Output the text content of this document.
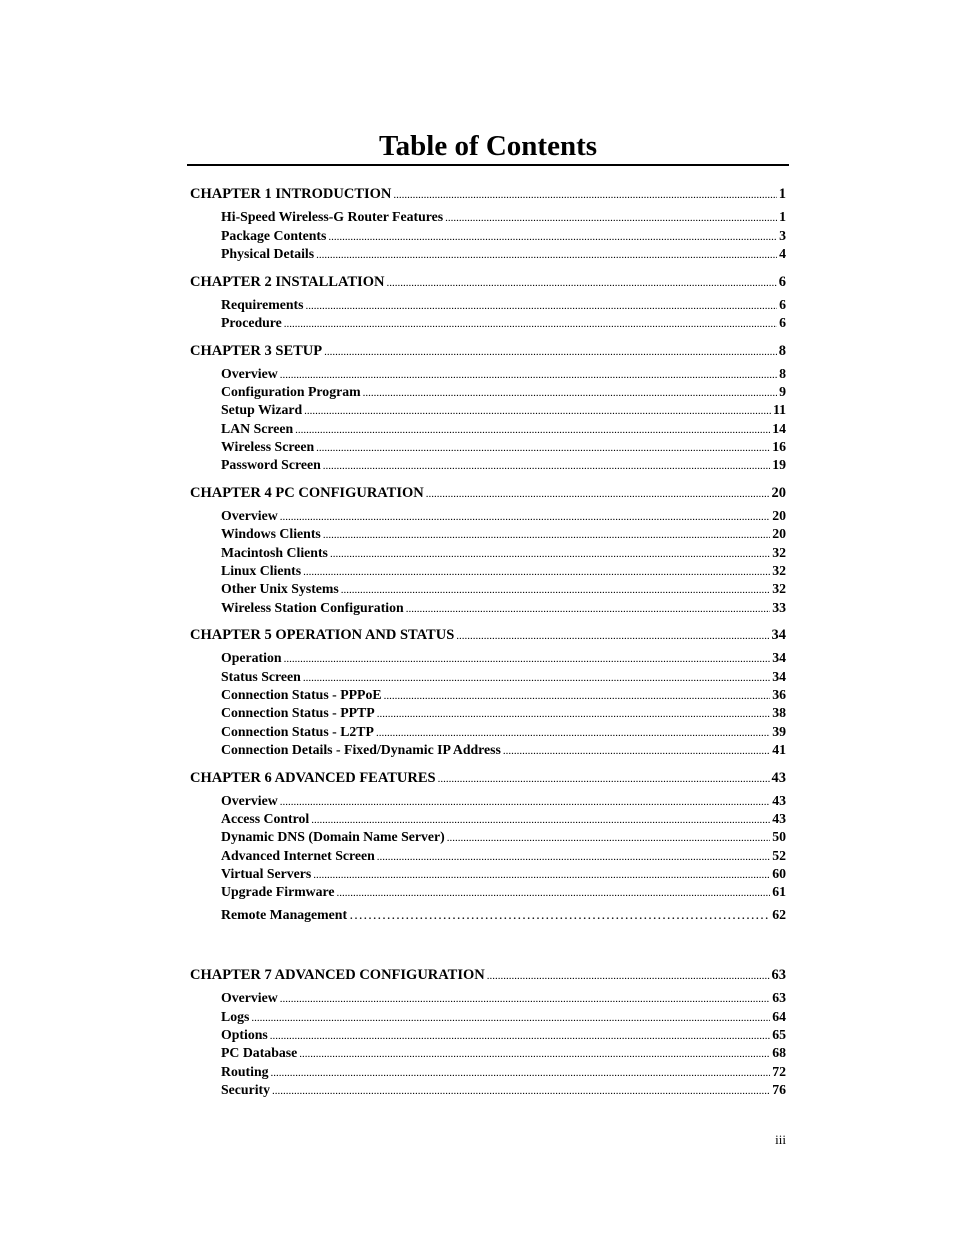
Table of Contents
CHAPTER 1 INTRODUCTION .....	1
Hi-Speed Wireless-G Router Features .....	1
Package Contents .....	3
Physical Details .....	4
CHAPTER 2 INSTALLATION .....	6
Requirements .....	6
Procedure .....	6
CHAPTER 3 SETUP .....	8
Overview .....	8
Configuration Program .....	9
Setup Wizard .....	11
LAN Screen .....	14
Wireless Screen .....	16
Password Screen .....	19
CHAPTER 4 PC CONFIGURATION .....	20
Overview .....	20
Windows Clients .....	20
Macintosh Clients .....	32
Linux Clients .....	32
Other Unix Systems .....	32
Wireless Station Configuration .....	33
CHAPTER 5 OPERATION AND STATUS .....	34
Operation .....	34
Status Screen .....	34
Connection Status - PPPoE .....	36
Connection Status - PPTP .....	38
Connection Status - L2TP .....	39
Connection Details - Fixed/Dynamic IP Address .....	41
CHAPTER 6 ADVANCED FEATURES .....	43
Overview .....	43
Access Control .....	43
Dynamic DNS (Domain Name Server) .....	50
Advanced Internet Screen .....	52
Virtual Servers .....	60
Upgrade Firmware .....	61
Remote Management ……………………………………………………………………………………………………………………………………………………………………	62
CHAPTER 7 ADVANCED CONFIGURATION .....	63
Overview .....	63
Logs .....	64
Options .....	65
PC Database .....	68
Routing .....	72
Security .....	76
iii
